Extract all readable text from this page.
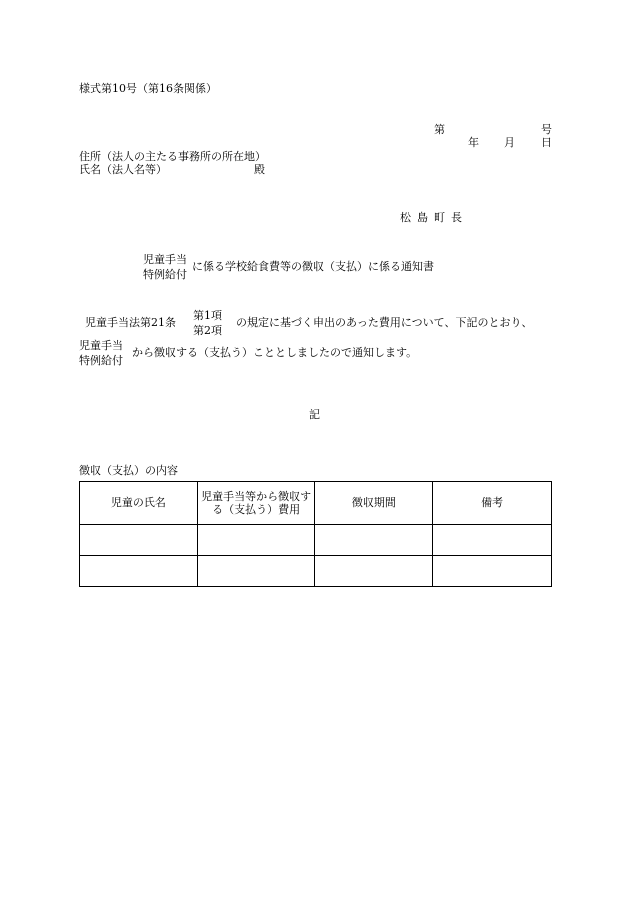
様式第10号（第16条関係）
第	号
年 月 日
住所（法人の主たる事務所の所在地）
氏名（法人名等）	殿
松島町長
児童手当
特例給付
に係る学校給食費等の徴収（支払）に係る通知書
児童手当法第21条
第1項
第2項
の規定に基づく申出のあった費用について、下記のとおり、
児童手当
特例給付
から徴収する（支払う）こととしましたので通知します。
記
徴収（支払）の内容
児童の氏名	児童手当等から徴収する（支払う）費用	徴収期間	備考
